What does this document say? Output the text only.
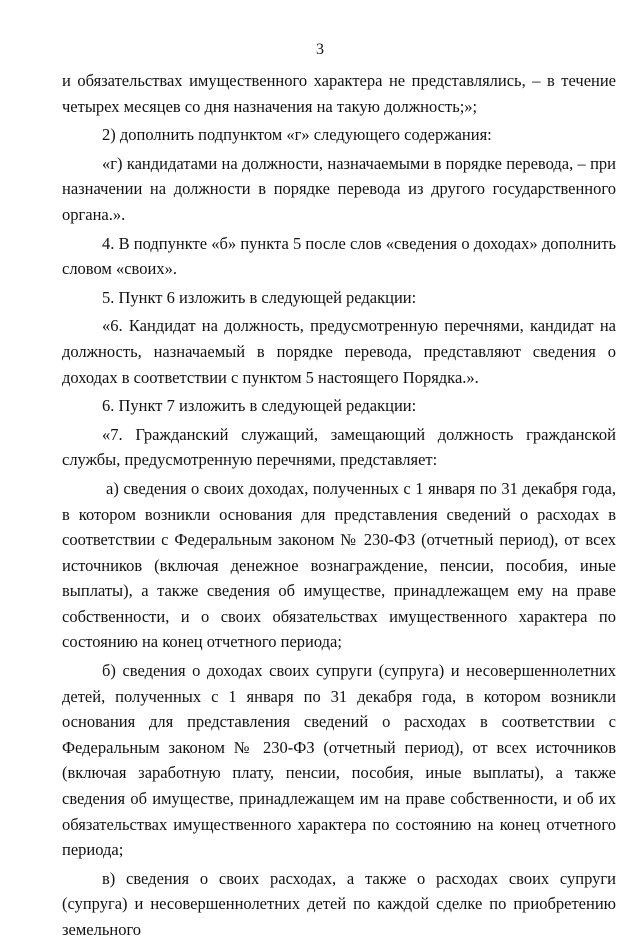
3

и обязательствах имущественного характера не представлялись, – в течение четырех месяцев со дня назначения на такую должность;»;

2) дополнить подпунктом «г» следующего содержания:

«г) кандидатами на должности, назначаемыми в порядке перевода, – при назначении на должности в порядке перевода из другого государственного органа.».

4. В подпункте «б» пункта 5 после слов «сведения о доходах» дополнить словом «своих».

5. Пункт 6 изложить в следующей редакции:

«6. Кандидат на должность, предусмотренную перечнями, кандидат на должность, назначаемый в порядке перевода, представляют сведения о доходах в соответствии с пунктом 5 настоящего Порядка.».

6. Пункт 7 изложить в следующей редакции:

«7. Гражданский служащий, замещающий должность гражданской службы, предусмотренную перечнями, представляет:

а) сведения о своих доходах, полученных с 1 января по 31 декабря года, в котором возникли основания для представления сведений о расходах в соответствии с Федеральным законом № 230-ФЗ (отчетный период), от всех источников (включая денежное вознаграждение, пенсии, пособия, иные выплаты), а также сведения об имуществе, принадлежащем ему на праве собственности, и о своих обязательствах имущественного характера по состоянию на конец отчетного периода;

б) сведения о доходах своих супруги (супруга) и несовершеннолетних детей, полученных с 1 января по 31 декабря года, в котором возникли основания для представления сведений о расходах в соответствии с Федеральным законом № 230-ФЗ (отчетный период), от всех источников (включая заработную плату, пенсии, пособия, иные выплаты), а также сведения об имуществе, принадлежащем им на праве собственности, и об их обязательствах имущественного характера по состоянию на конец отчетного периода;

в) сведения о своих расходах, а также о расходах своих супруги (супруга) и несовершеннолетних детей по каждой сделке по приобретению земельного
